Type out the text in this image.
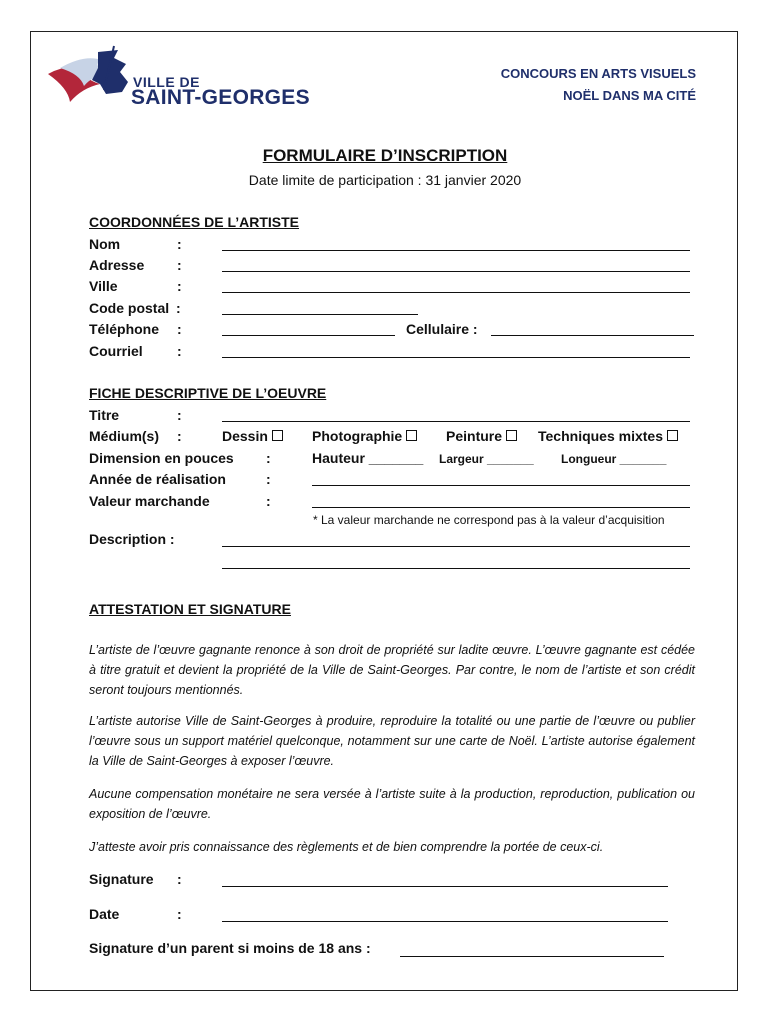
VILLE DE
SAINT-GEORGES
CONCOURS EN ARTS VISUELS
NOËL DANS MA CITÉ
FORMULAIRE D’INSCRIPTION
Date limite de participation : 31 janvier 2020
COORDONNÉES DE L’ARTISTE
Nom	:
Adresse :
Ville	:
Code postal :
Téléphone :	Cellulaire :
Courriel :
FICHE DESCRIPTIVE DE L’OEUVRE
Titre	:
Médium(s) :	Dessin	Photographie	Peinture	Techniques mixtes
Dimension en pouces :	Hauteur _______ Largeur _______ Longueur _______
Année de réalisation	:
Valeur marchande	:
* La valeur marchande ne correspond pas à la valeur d’acquisition
Description :
ATTESTATION ET SIGNATURE
L’artiste de l’œuvre gagnante renonce à son droit de propriété sur ladite œuvre. L’œuvre gagnante est cédée à titre gratuit et devient la propriété de la Ville de Saint-Georges. Par contre, le nom de l’artiste et son crédit seront toujours mentionnés.
L’artiste autorise Ville de Saint-Georges à produire, reproduire la totalité ou une partie de l’œuvre ou publier l’œuvre sous un support matériel quelconque, notamment sur une carte de Noël. L’artiste autorise également la Ville de Saint-Georges à exposer l’œuvre.
Aucune compensation monétaire ne sera versée à l’artiste suite à la production, reproduction, publication ou exposition de l’œuvre.
J’atteste avoir pris connaissance des règlements et de bien comprendre la portée de ceux-ci.
Signature :
Date	:
Signature d’un parent si moins de 18 ans :
